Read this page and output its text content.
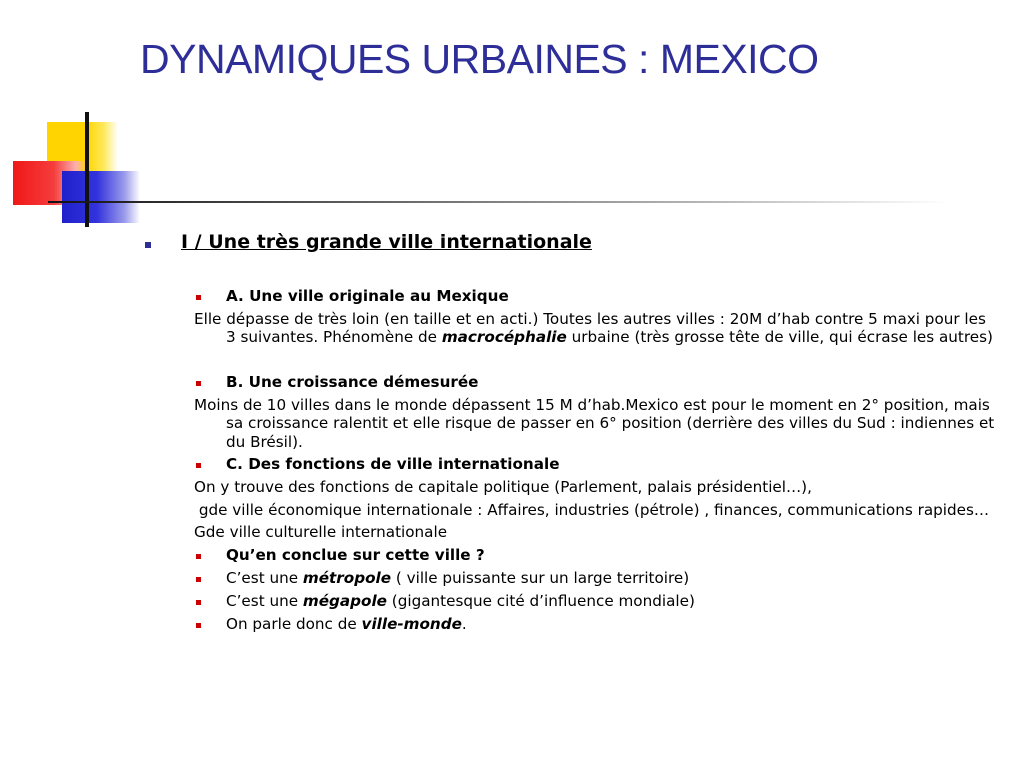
DYNAMIQUES URBAINES : MEXICO
I / Une très grande ville internationale
A. Une ville originale au Mexique
Elle dépasse de très loin (en taille et en acti.) Toutes les autres villes : 20M d’hab contre 5 maxi pour les
3 suivantes. Phénomène de macrocéphalie urbaine (très grosse tête de ville, qui écrase les autres)
B. Une croissance démesurée
Moins de 10 villes dans le monde dépassent 15 M d’hab.Mexico est pour le moment en 2° position, mais
sa croissance ralentit et elle risque de passer en 6° position (derrière des villes du Sud : indiennes et
du Brésil).
C. Des fonctions de ville internationale
On y trouve des fonctions de capitale politique (Parlement, palais présidentiel…),
gde ville économique internationale : Affaires, industries (pétrole) , finances, communications rapides…
Gde ville culturelle internationale
Qu’en conclue sur cette ville ?
C’est une métropole ( ville puissante sur un large territoire)
C’est une mégapole (gigantesque cité d’influence mondiale)
On parle donc de ville-monde.
